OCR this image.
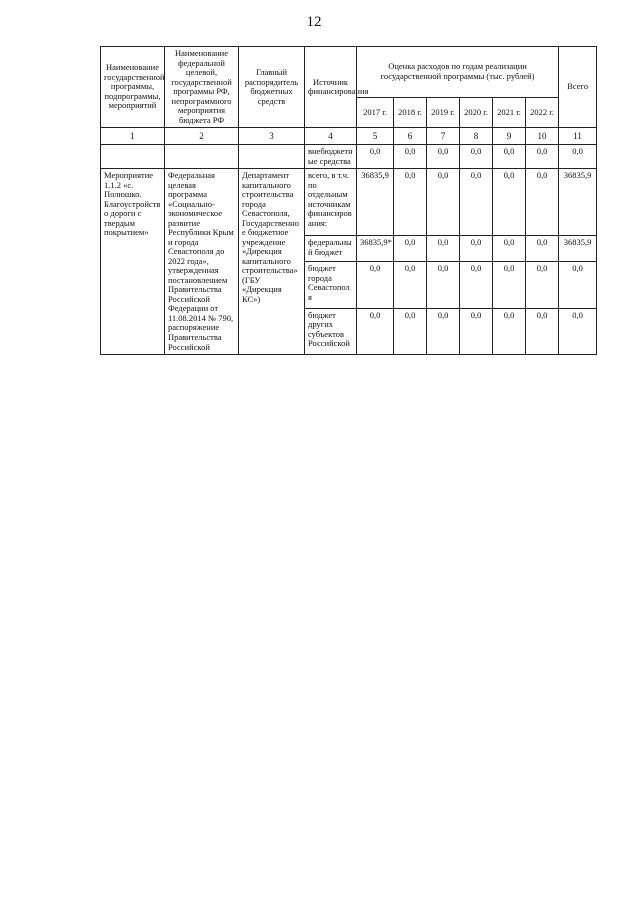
12
Наименование государственной программы, подпрограммы, мероприятий	Наименование федеральной целевой, государственной программы РФ, непрограммного мероприятия бюджета РФ	Главный распорядитель бюджетных средств	Источник финансирования	Оценка расходов по годам реализации государственной программы (тыс. рублей)						Всего
				2017 г.	2018 г.	2019 г.	2020 г.	2021 г.	2022 г.	
1	2	3	4	5	6	7	8	9	10	11
			внебюджетные средства	0,0	0,0	0,0	0,0	0,0	0,0	0,0
Мероприятие 1.1.2 «с. Полюшко. Благоустройство дороги с твердым покрытием»	Федеральная целевая программа «Социально-экономическое развитие Республики Крым и города Севастополя до 2022 года», утвержденная постановлением Правительства Российской Федерации от 11.08.2014 № 790, распоряжение Правительства Российской	Департамент капитального строительства города Севастополя, Государственное бюджетное учреждение «Дирекция капитального строительства» (ГБУ «Дирекция КС»)	всего, в т.ч. по отдельным источникам финансирования:	36835,9	0,0	0,0	0,0	0,0	0,0	36835,9
			федеральный бюджет	36835,9*	0,0	0,0	0,0	0,0	0,0	36835,9
			бюджет города Севастополя	0,0	0,0	0,0	0,0	0,0	0,0	0,0
			бюджет других субъектов Российской	0,0	0,0	0,0	0,0	0,0	0,0	0,0
